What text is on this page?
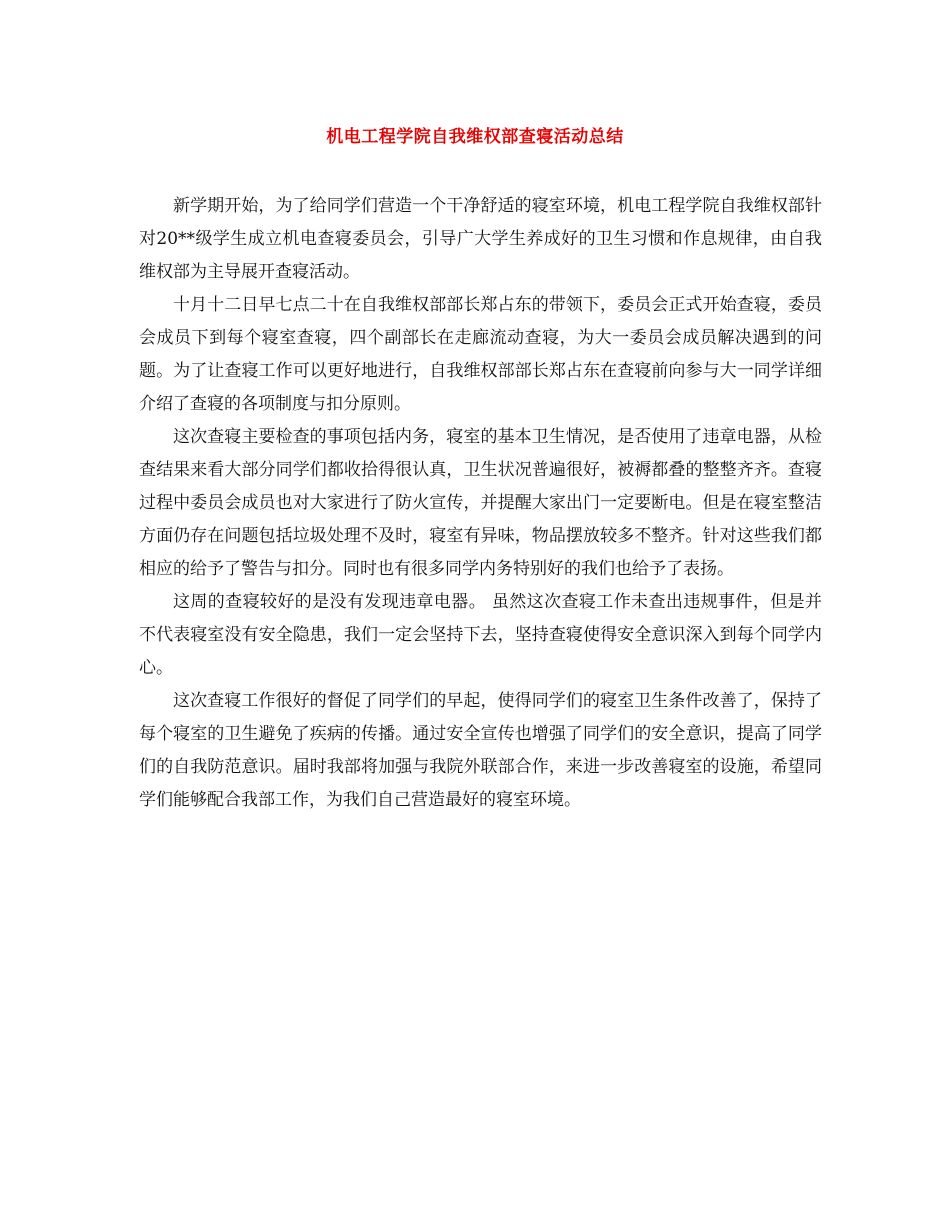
机电工程学院自我维权部查寝活动总结

新学期开始，为了给同学们营造一个干净舒适的寝室环境，机电工程学院自我维权部针对20**级学生成立机电查寝委员会，引导广大学生养成好的卫生习惯和作息规律，由自我维权部为主导展开查寝活动。

十月十二日早七点二十在自我维权部部长郑占东的带领下，委员会正式开始查寝，委员会成员下到每个寝室查寝，四个副部长在走廊流动查寝，为大一委员会成员解决遇到的问题。为了让查寝工作可以更好地进行，自我维权部部长郑占东在查寝前向参与大一同学详细介绍了查寝的各项制度与扣分原则。

这次查寝主要检查的事项包括内务，寝室的基本卫生情况，是否使用了违章电器，从检查结果来看大部分同学们都收拾得很认真，卫生状况普遍很好，被褥都叠的整整齐齐。查寝过程中委员会成员也对大家进行了防火宣传，并提醒大家出门一定要断电。但是在寝室整洁方面仍存在问题包括垃圾处理不及时，寝室有异味，物品摆放较多不整齐。针对这些我们都相应的给予了警告与扣分。同时也有很多同学内务特别好的我们也给予了表扬。

这周的查寝较好的是没有发现违章电器。 虽然这次查寝工作未查出违规事件，但是并不代表寝室没有安全隐患，我们一定会坚持下去，坚持查寝使得安全意识深入到每个同学内心。

这次查寝工作很好的督促了同学们的早起，使得同学们的寝室卫生条件改善了，保持了每个寝室的卫生避免了疾病的传播。通过安全宣传也增强了同学们的安全意识，提高了同学们的自我防范意识。届时我部将加强与我院外联部合作，来进一步改善寝室的设施，希望同学们能够配合我部工作，为我们自己营造最好的寝室环境。
